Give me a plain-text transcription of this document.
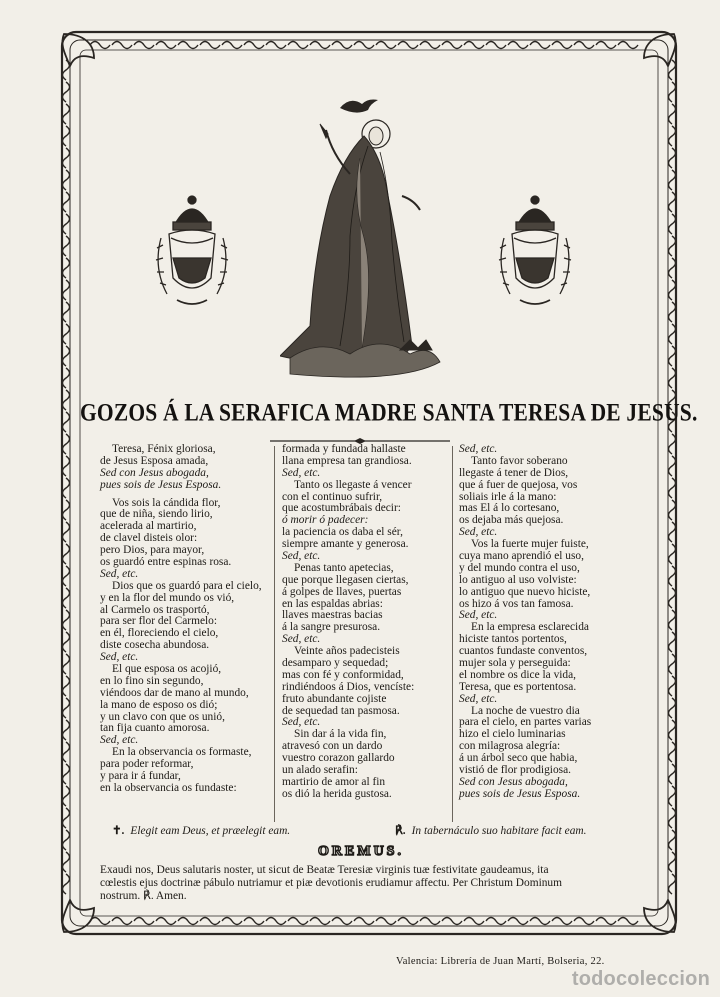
GOZOS Á LA SERAFICA MADRE SANTA TERESA DE JESUS.
Teresa, Fénix gloriosa,
de Jesus Esposa amada,
Sed con Jesus abogada,
pues sois de Jesus Esposa.
Vos sois la cándida flor,
que de niña, siendo lirio,
acelerada al martirio,
de clavel disteis olor:
pero Dios, para mayor,
os guardó entre espinas rosa.
Sed, etc.
Dios que os guardó para el cielo,
y en la flor del mundo os vió,
al Carmelo os trasportó,
para ser flor del Carmelo:
en él, floreciendo el cielo,
diste cosecha abundosa.
Sed, etc.
El que esposa os acojió,
en lo fino sin segundo,
viéndoos dar de mano al mundo,
la mano de esposo os dió;
y un clavo con que os unió,
tan fija cuanto amorosa.
Sed, etc.
En la observancia os formaste,
para poder reformar,
y para ir á fundar,
en la observancia os fundaste:
formada y fundada hallaste
llana empresa tan grandiosa.
Sed, etc.
Tanto os llegaste á vencer
con el continuo sufrir,
que acostumbrábais decir:
ó morir ó padecer:
la paciencia os daba el sér,
siempre amante y generosa.
Sed, etc.
Penas tanto apetecias,
que porque llegasen ciertas,
á golpes de llaves, puertas
en las espaldas abrias:
llaves maestras bacias
á la sangre presurosa.
Sed, etc.
Veinte años padecisteis
desamparo y sequedad;
mas con fé y conformidad,
rindiéndoos á Dios, vencíste:
fruto abundante cojiste
de sequedad tan pasmosa.
Sed, etc.
Sin dar á la vida fin,
atravesó con un dardo
vuestro corazon gallardo
un alado serafin:
martirio de amor al fin
os dió la herida gustosa.
Sed, etc.
Tanto favor soberano
llegaste á tener de Dios,
que á fuer de quejosa, vos
soliais irle á la mano:
mas El á lo cortesano,
os dejaba más quejosa.
Sed, etc.
Vos la fuerte mujer fuiste,
cuya mano aprendió el uso,
y del mundo contra el uso,
lo antiguo al uso volviste:
lo antiguo que nuevo hiciste,
os hizo á vos tan famosa.
Sed, etc.
En la empresa esclarecida
hiciste tantos portentos,
cuantos fundaste conventos,
mujer sola y perseguida:
el nombre os dice la vida,
Teresa, que es portentosa.
Sed, etc.
La noche de vuestro dia
para el cielo, en partes varias
hizo el cielo luminarias
con milagrosa alegría:
á un árbol seco que habia,
vistió de flor prodigiosa.
Sed con Jesus abogada,
pues sois de Jesus Esposa.
✝. Elegit eam Deus, et præelegit eam.	℟. In tabernáculo suo habitare facit eam.
OREMUS.
Exaudi nos, Deus salutaris noster, ut sicut de Beatæ Teresiæ virginis tuæ festivitate gaudeamus, ita
cœlestis ejus doctrinæ pábulo nutriamur et piæ devotionis erudiamur affectu. Per Christum Dominum
nostrum. ℟. Amen.
Valencia: Librería de Juan Martí, Bolseria, 22.
todocoleccion
